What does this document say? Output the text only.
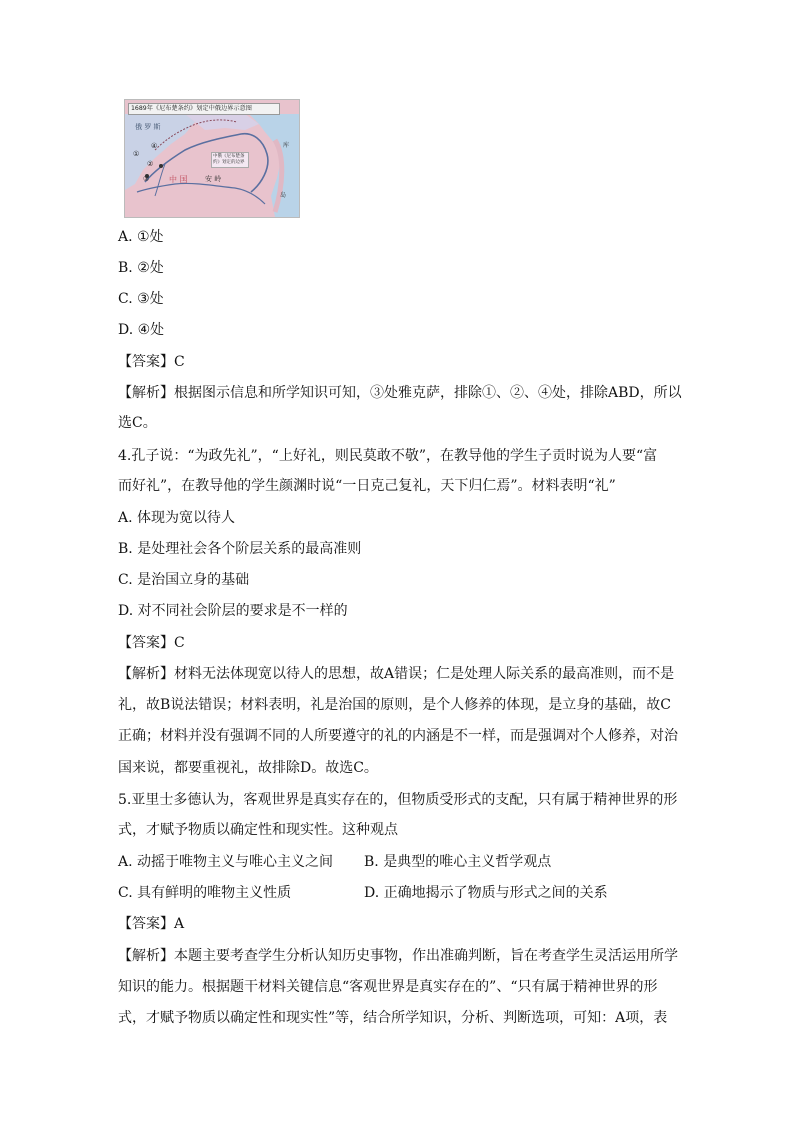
1689年《尼布楚条约》划定中俄边界示意图
俄 罗 斯
中 国 安 岭
中俄《尼布楚条约》划定的边界
库
岛
①
②
③
④
A. ①处
B. ②处
C. ③处
D. ④处
【答案】C
【解析】根据图示信息和所学知识可知，③处雅克萨，排除①、②、④处，排除ABD，所以
选C。
4.孔子说：“为政先礼”，“上好礼，则民莫敢不敬”，在教导他的学生子贡时说为人要“富
而好礼”，在教导他的学生颜渊时说“一日克己复礼，天下归仁焉”。材料表明“礼”
A. 体现为宽以待人
B. 是处理社会各个阶层关系的最高准则
C. 是治国立身的基础
D. 对不同社会阶层的要求是不一样的
【答案】C
【解析】材料无法体现宽以待人的思想，故A错误；仁是处理人际关系的最高准则，而不是
礼，故B说法错误；材料表明，礼是治国的原则，是个人修养的体现，是立身的基础，故C
正确；材料并没有强调不同的人所要遵守的礼的内涵是不一样，而是强调对个人修养，对治
国来说，都要重视礼，故排除D。故选C。
5.亚里士多德认为，客观世界是真实存在的，但物质受形式的支配，只有属于精神世界的形
式，才赋予物质以确定性和现实性。这种观点
A. 动摇于唯物主义与唯心主义之间 B. 是典型的唯心主义哲学观点
C. 具有鲜明的唯物主义性质	D. 正确地揭示了物质与形式之间的关系
【答案】A
【解析】本题主要考查学生分析认知历史事物，作出准确判断，旨在考查学生灵活运用所学
知识的能力。根据题干材料关键信息“客观世界是真实存在的”、“只有属于精神世界的形
式，才赋予物质以确定性和现实性”等，结合所学知识，分析、判断选项，可知：A项，表
